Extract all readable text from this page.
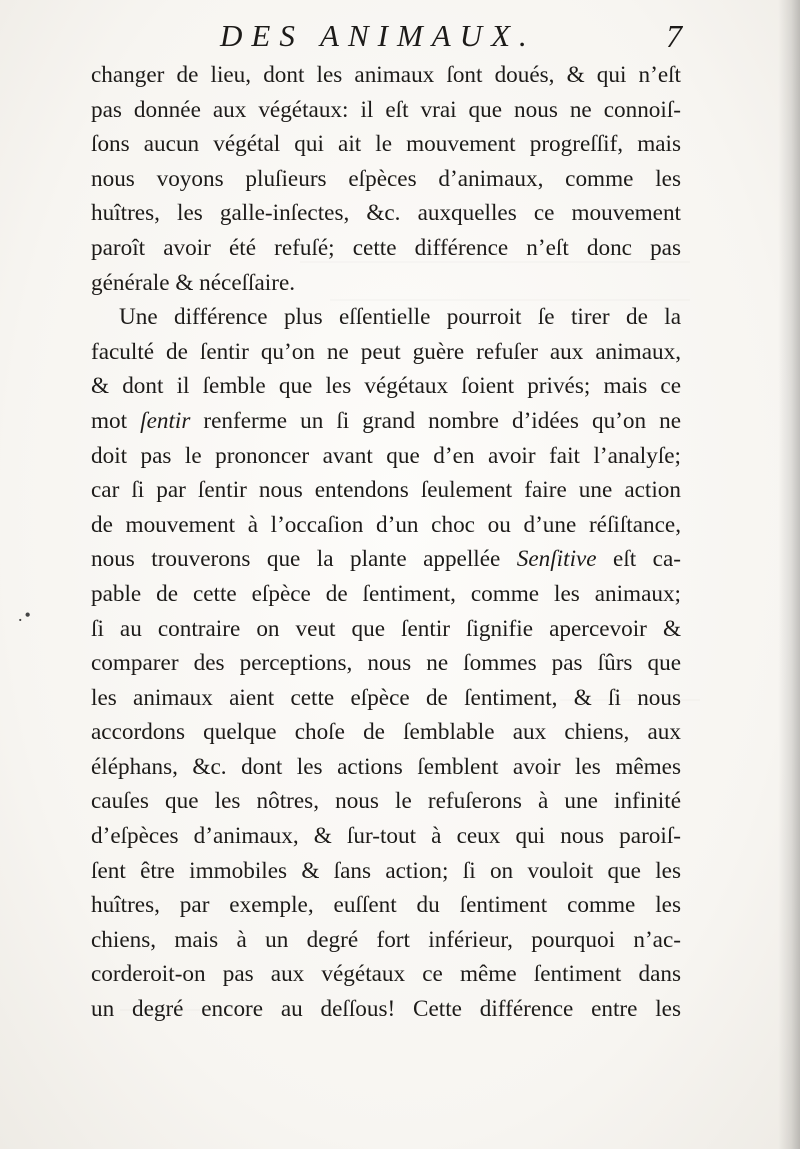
DES ANIMAUX.	7
.•
changer de lieu, dont les animaux ſont doués, & qui n’eſt
pas donnée aux végétaux: il eſt vrai que nous ne connoiſ-
ſons aucun végétal qui ait le mouvement progreſſif, mais
nous voyons pluſieurs eſpèces d’animaux, comme les
huîtres, les galle-inſectes, &c. auxquelles ce mouvement
paroît avoir été refuſé; cette différence n’eſt donc pas
générale & néceſſaire.
Une différence plus eſſentielle pourroit ſe tirer de la
faculté de ſentir qu’on ne peut guère refuſer aux animaux,
& dont il ſemble que les végétaux ſoient privés; mais ce
mot ſentir renferme un ſi grand nombre d’idées qu’on ne
doit pas le prononcer avant que d’en avoir fait l’analyſe;
car ſi par ſentir nous entendons ſeulement faire une action
de mouvement à l’occaſion d’un choc ou d’une réſiſtance,
nous trouverons que la plante appellée Senſitive eſt ca-
pable de cette eſpèce de ſentiment, comme les animaux;
ſi au contraire on veut que ſentir ſignifie apercevoir &
comparer des perceptions, nous ne ſommes pas ſûrs que
les animaux aient cette eſpèce de ſentiment, & ſi nous
accordons quelque choſe de ſemblable aux chiens, aux
éléphans, &c. dont les actions ſemblent avoir les mêmes
cauſes que les nôtres, nous le refuſerons à une infinité
d’eſpèces d’animaux, & ſur-tout à ceux qui nous paroiſ-
ſent être immobiles & ſans action; ſi on vouloit que les
huîtres, par exemple, euſſent du ſentiment comme les
chiens, mais à un degré fort inférieur, pourquoi n’ac-
corderoit-on pas aux végétaux ce même ſentiment dans
un degré encore au deſſous! Cette différence entre les
